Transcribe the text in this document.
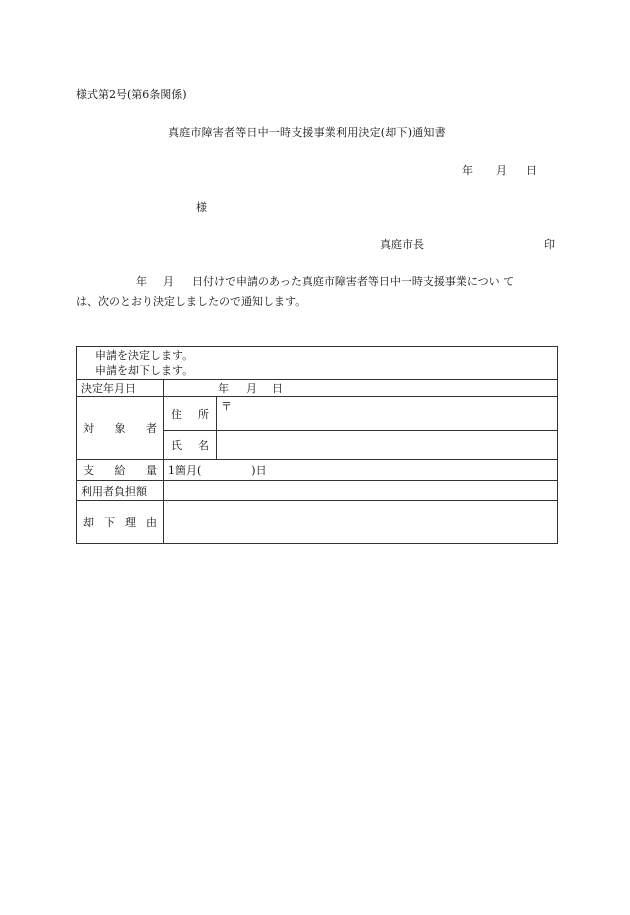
様式第2号(第6条関係)
真庭市障害者等日中一時支援事業利用決定(却下)通知書
年 月 日
様
真庭市長	印
年 月 日付けで申請のあった真庭市障害者等日中一時支援事業につい て
は、次のとおり決定しましたので通知します。
申請を決定します。
申請を却下します。		

決定年月日	年 月 日	

対 象 者	住 所	〒

	氏 名	

支 給 量	1箇月( )日	
利用者負担額		

却 下 理 由		
